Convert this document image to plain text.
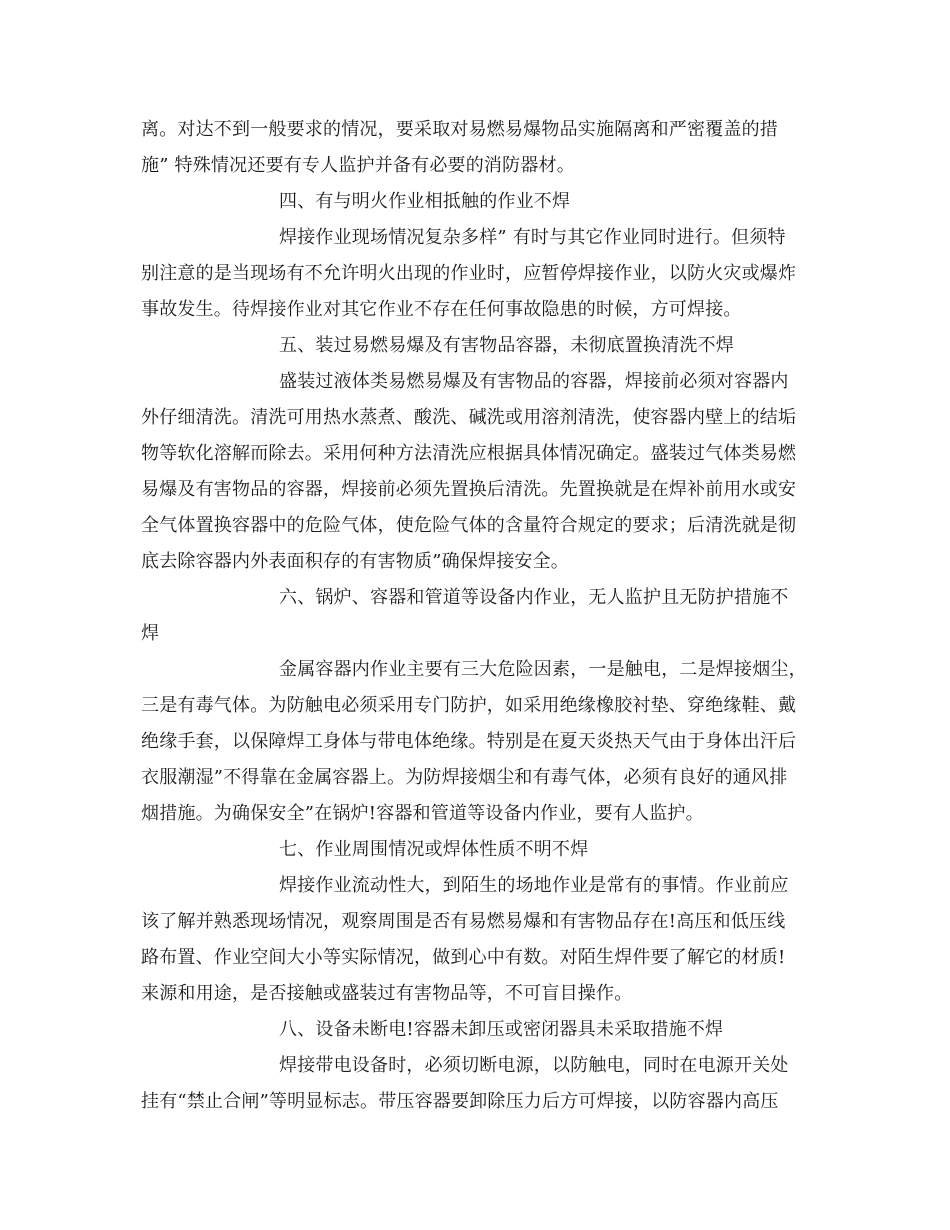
离。对达不到一般要求的情况，要采取对易燃易爆物品实施隔离和严密覆盖的措
施” 特殊情况还要有专人监护并备有必要的消防器材。
四、有与明火作业相抵触的作业不焊
焊接作业现场情况复杂多样” 有时与其它作业同时进行。但须特
别注意的是当现场有不允许明火出现的作业时，应暂停焊接作业，以防火灾或爆炸
事故发生。待焊接作业对其它作业不存在任何事故隐患的时候，方可焊接。
五、装过易燃易爆及有害物品容器，未彻底置换清洗不焊
盛装过液体类易燃易爆及有害物品的容器，焊接前必须对容器内
外仔细清洗。清洗可用热水蒸煮、酸洗、碱洗或用溶剂清洗，使容器内壁上的结垢
物等软化溶解而除去。采用何种方法清洗应根据具体情况确定。盛装过气体类易燃
易爆及有害物品的容器，焊接前必须先置换后清洗。先置换就是在焊补前用水或安
全气体置换容器中的危险气体，使危险气体的含量符合规定的要求；后清洗就是彻
底去除容器内外表面积存的有害物质”确保焊接安全。
六、锅炉、容器和管道等设备内作业，无人监护且无防护措施不
焊
金属容器内作业主要有三大危险因素，一是触电，二是焊接烟尘，
三是有毒气体。为防触电必须采用专门防护，如采用绝缘橡胶衬垫、穿绝缘鞋、戴
绝缘手套，以保障焊工身体与带电体绝缘。特别是在夏天炎热天气由于身体出汗后
衣服潮湿”不得靠在金属容器上。为防焊接烟尘和有毒气体，必须有良好的通风排
烟措施。为确保安全”在锅炉!容器和管道等设备内作业，要有人监护。
七、作业周围情况或焊体性质不明不焊
焊接作业流动性大，到陌生的场地作业是常有的事情。作业前应
该了解并熟悉现场情况，观察周围是否有易燃易爆和有害物品存在!高压和低压线
路布置、作业空间大小等实际情况，做到心中有数。对陌生焊件要了解它的材质!
来源和用途，是否接触或盛装过有害物品等，不可盲目操作。
八、设备未断电!容器未卸压或密闭器具未采取措施不焊
焊接带电设备时，必须切断电源，以防触电，同时在电源开关处
挂有“禁止合闸”等明显标志。带压容器要卸除压力后方可焊接，以防容器内高压
